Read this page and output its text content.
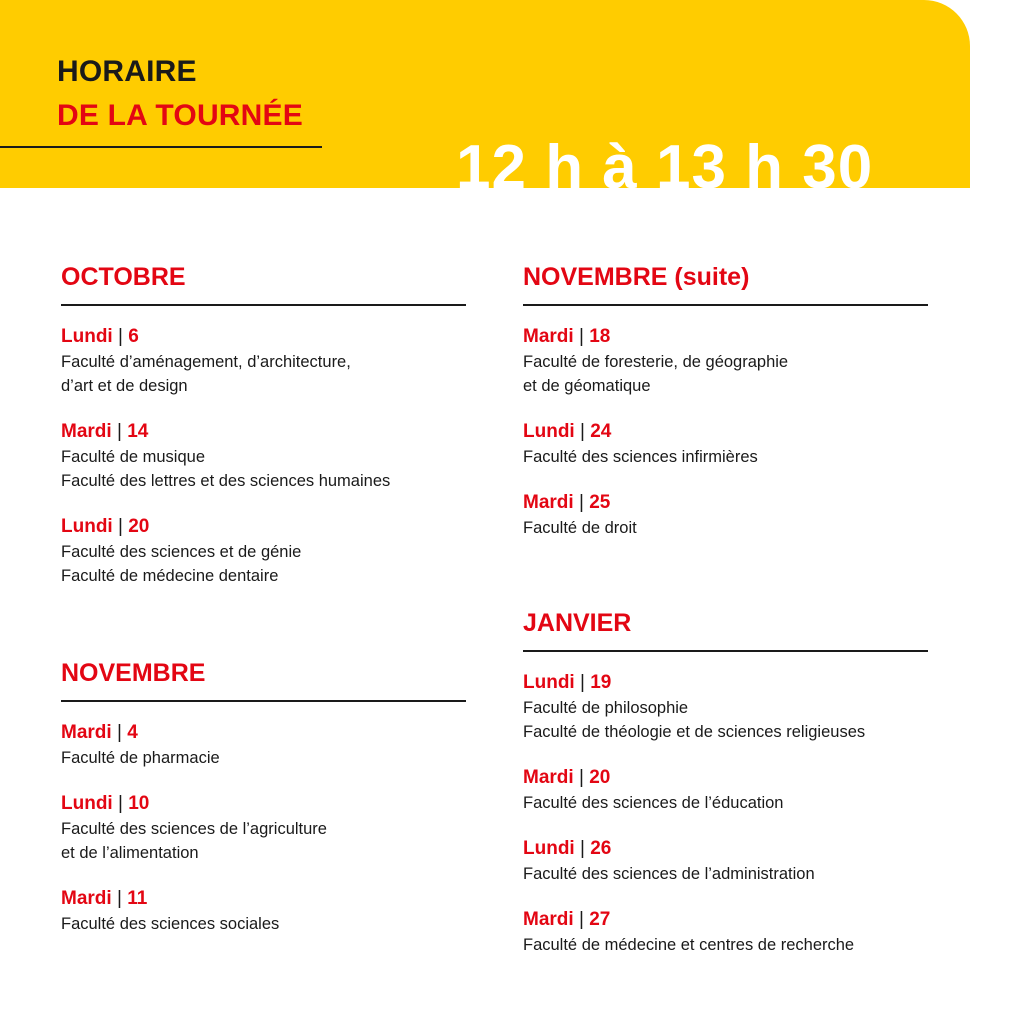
HORAIRE
DE LA TOURNÉE
12 h à 13 h 30
OCTOBRE
Lundi | 6
Faculté d’aménagement, d’architecture,
d’art et de design
Mardi | 14
Faculté de musique
Faculté des lettres et des sciences humaines
Lundi | 20
Faculté des sciences et de génie
Faculté de médecine dentaire
NOVEMBRE
Mardi | 4
Faculté de pharmacie
Lundi | 10
Faculté des sciences de l’agriculture
et de l’alimentation
Mardi | 11
Faculté des sciences sociales
NOVEMBRE (suite)
Mardi | 18
Faculté de foresterie, de géographie
et de géomatique
Lundi | 24
Faculté des sciences infirmières
Mardi | 25
Faculté de droit
JANVIER
Lundi | 19
Faculté de philosophie
Faculté de théologie et de sciences religieuses
Mardi | 20
Faculté des sciences de l’éducation
Lundi | 26
Faculté des sciences de l’administration
Mardi | 27
Faculté de médecine et centres de recherche
